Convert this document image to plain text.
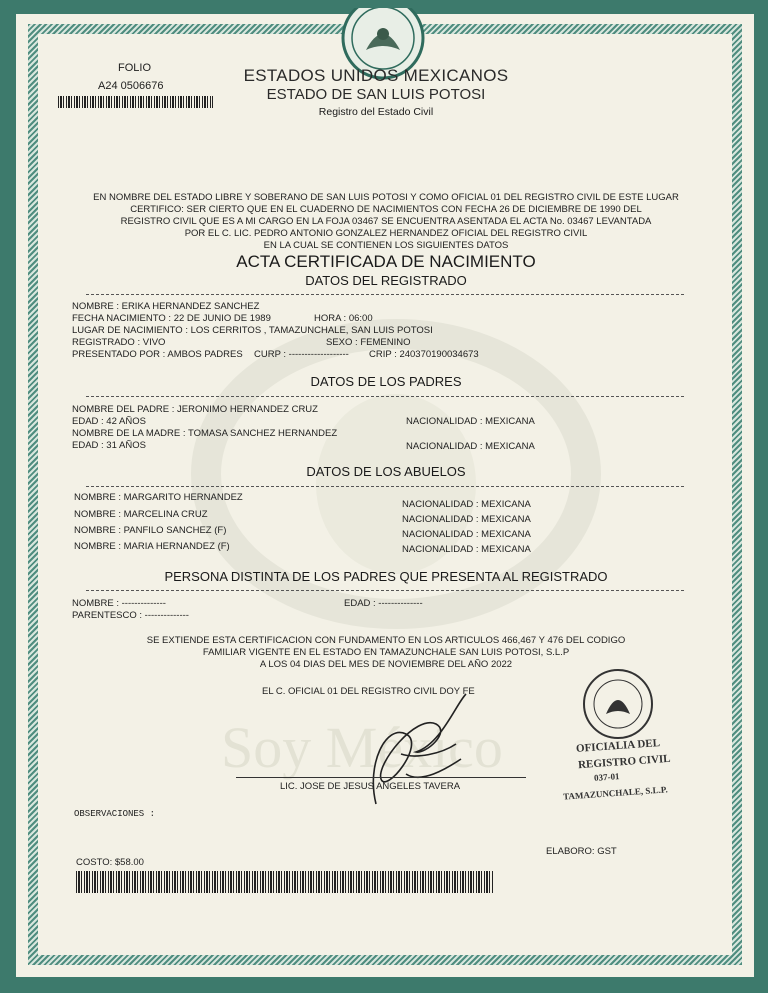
Soy México
FOLIO
A24 0506676
ESTADOS UNIDOS MEXICANOS
ESTADO DE SAN LUIS POTOSI
Registro del Estado Civil
EN NOMBRE DEL ESTADO LIBRE Y SOBERANO DE SAN LUIS POTOSI Y COMO OFICIAL 01 DEL REGISTRO CIVIL DE ESTE LUGAR
CERTIFICO: SER CIERTO QUE EN EL CUADERNO DE NACIMIENTOS CON FECHA 26 DE DICIEMBRE DE 1990 DEL
REGISTRO CIVIL QUE ES A MI CARGO EN LA FOJA 03467 SE ENCUENTRA ASENTADA EL ACTA No. 03467 LEVANTADA
POR EL C. LIC. PEDRO ANTONIO GONZALEZ HERNANDEZ OFICIAL DEL REGISTRO CIVIL
EN LA CUAL SE CONTIENEN LOS SIGUIENTES DATOS
ACTA CERTIFICADA DE NACIMIENTO
DATOS DEL REGISTRADO
NOMBRE : ERIKA HERNANDEZ SANCHEZ
FECHA NACIMIENTO : 22 DE JUNIO DE 1989	HORA : 06:00
LUGAR DE NACIMIENTO : LOS CERRITOS , TAMAZUNCHALE, SAN LUIS POTOSI
REGISTRADO : VIVO	SEXO : FEMENINO
PRESENTADO POR : AMBOS PADRES CURP : ------------------- CRIP : 240370190034673
DATOS DE LOS PADRES
NOMBRE DEL PADRE : JERONIMO HERNANDEZ CRUZ
EDAD : 42 AÑOS	NACIONALIDAD : MEXICANA
NOMBRE DE LA MADRE : TOMASA SANCHEZ HERNANDEZ
EDAD : 31 AÑOS	NACIONALIDAD : MEXICANA
DATOS DE LOS ABUELOS
NOMBRE : MARGARITO HERNANDEZ
NACIONALIDAD : MEXICANA
NOMBRE : MARCELINA CRUZ	NACIONALIDAD : MEXICANA
NOMBRE : PANFILO SANCHEZ (F)	NACIONALIDAD : MEXICANA
NOMBRE : MARIA HERNANDEZ (F)	NACIONALIDAD : MEXICANA
PERSONA DISTINTA DE LOS PADRES QUE PRESENTA AL REGISTRADO
NOMBRE : --------------	EDAD : --------------
PARENTESCO : --------------
SE EXTIENDE ESTA CERTIFICACION CON FUNDAMENTO EN LOS ARTICULOS 466,467 Y 476 DEL CODIGO
FAMILIAR VIGENTE EN EL ESTADO EN TAMAZUNCHALE SAN LUIS POTOSI, S.L.P
A LOS 04 DIAS DEL MES DE NOVIEMBRE DEL AÑO 2022
EL C. OFICIAL 01 DEL REGISTRO CIVIL DOY FE
LIC. JOSE DE JESUS ANGELES TAVERA
OFICIALIA DEL
REGISTRO CIVIL
037-01
TAMAZUNCHALE, S.L.P.
OBSERVACIONES :
ELABORO: GST
COSTO: $58.00
